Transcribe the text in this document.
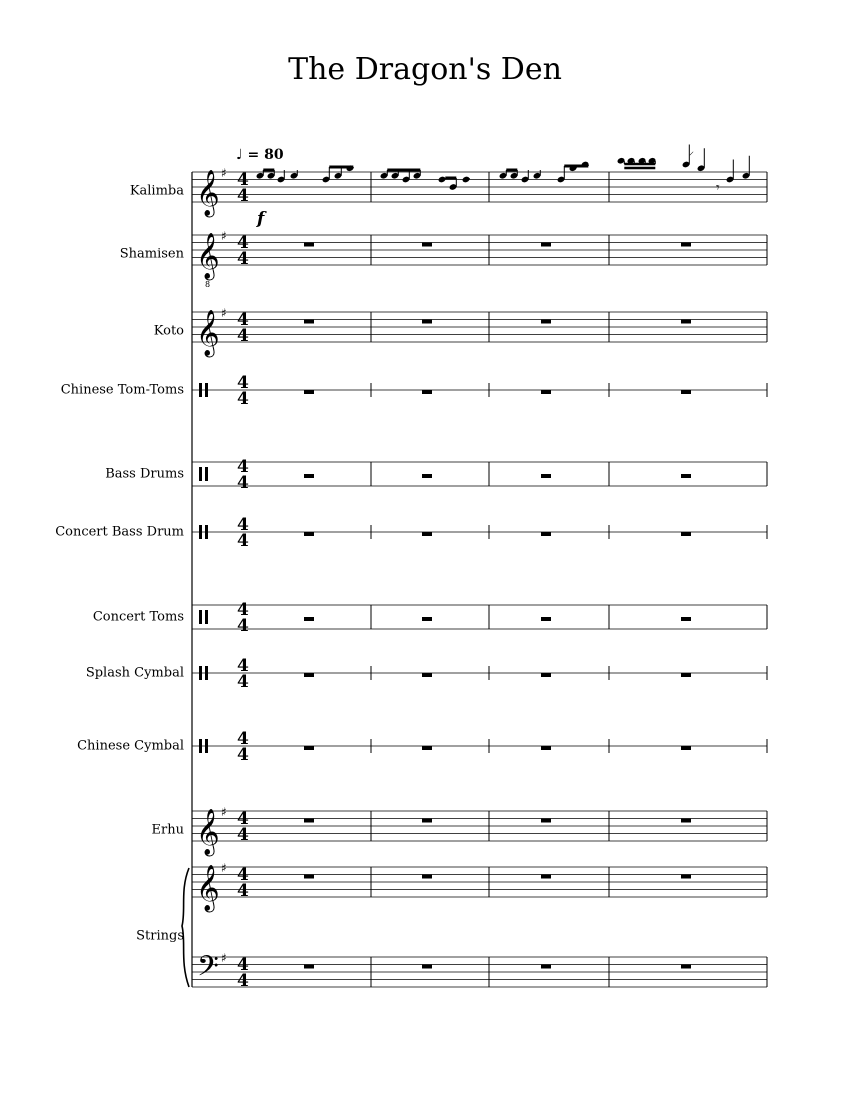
The Dragon's Den
♩ = 80
Kalimba
Shamisen
Koto
Chinese Tom-Toms
Bass Drums
Concert Bass Drum
Concert Toms
Splash Cymbal
Chinese Cymbal
Erhu
Strings
𝄞 ♯ 4
4
𝄞
8
♯ 4
4
𝄞 ♯ 4
4
4
4
4
4
4
4
4
4
4
4
4
4
𝄞 ♯ 4
4
𝄞 ♯ 4
4
𝄢 ♯ 4
4
⸝
𝄾
f
